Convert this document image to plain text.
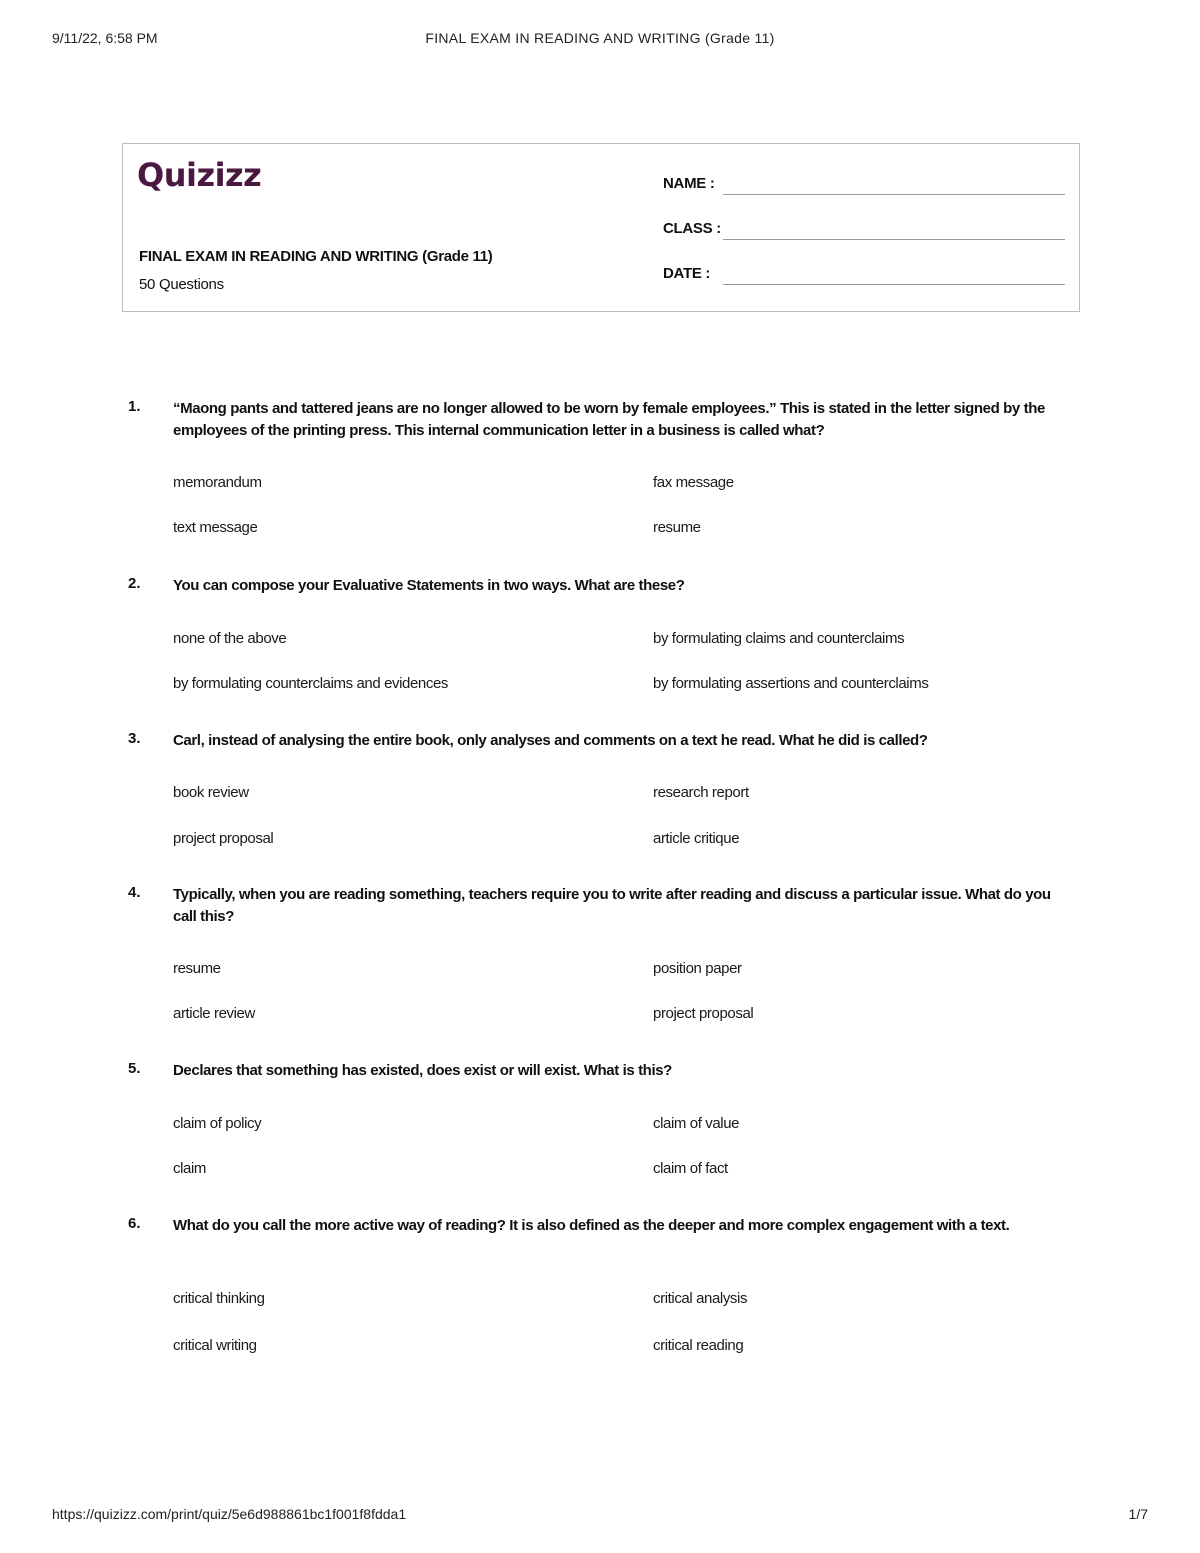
9/11/22, 6:58 PM	FINAL EXAM IN READING AND WRITING (Grade 11)
Quizizz
FINAL EXAM IN READING AND WRITING (Grade 11)
50 Questions
NAME :
CLASS :
DATE :
1. “Maong pants and tattered jeans are no longer allowed to be worn by female employees.” This is stated in the letter signed by the employees of the printing press. This internal communication letter in a business is called what?
memorandum	fax message
text message	resume
2. You can compose your Evaluative Statements in two ways. What are these?
none of the above	by formulating claims and counterclaims
by formulating counterclaims and evidences	by formulating assertions and counterclaims
3. Carl, instead of analysing the entire book, only analyses and comments on a text he read. What he did is called?
book review	research report
project proposal	article critique
4. Typically, when you are reading something, teachers require you to write after reading and discuss a particular issue. What do you call this?
resume	position paper
article review	project proposal
5. Declares that something has existed, does exist or will exist. What is this?
claim of policy	claim of value
claim	claim of fact
6. What do you call the more active way of reading? It is also defined as the deeper and more complex engagement with a text.
critical thinking	critical analysis
critical writing	critical reading
https://quizizz.com/print/quiz/5e6d988861bc1f001f8fdda1	1/7
